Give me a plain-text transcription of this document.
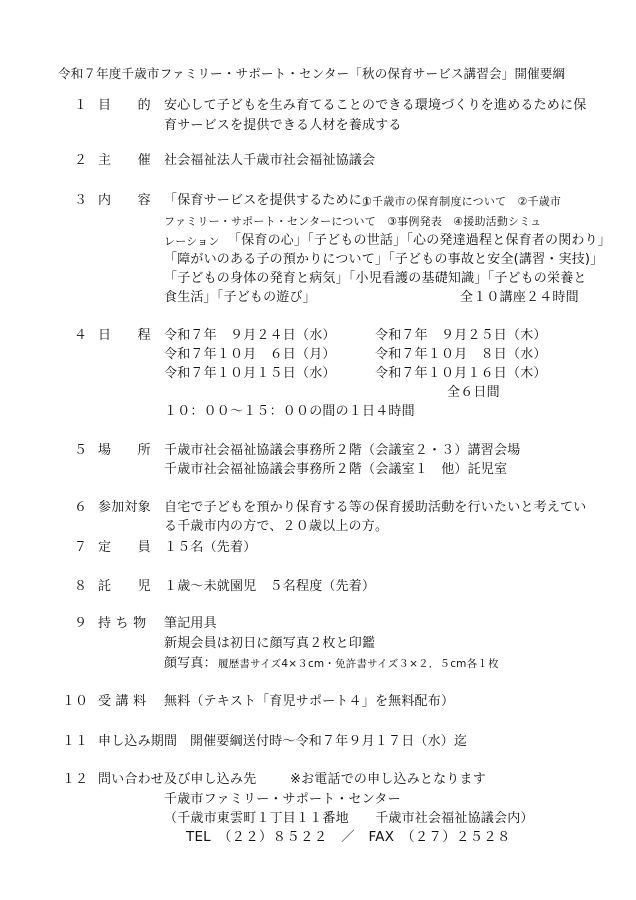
令和７年度千歳市ファミリー・サポート・センター「秋の保育サービス講習会」開催要綱
１ 目　　的 安心して子どもを生み育てることのできる環境づくりを進めるために保
育サービスを提供できる人材を養成する
２ 主　　催 社会福祉法人千歳市社会福祉協議会
３ 内　　容 「保育サービスを提供するために」
①千歳市の保育制度について　②千歳市
ファミリー・サポート・センターについて　③事例発表　④援助活動シミュ
レーション 「保育の心」「子どもの世話」「心の発達過程と保育者の関わり」
「障がいのある子の預かりについて」「子どもの事故と安全(講習・実技)」
「子どもの身体の発育と病気」「小児看護の基礎知識」「子どもの栄養と
食生活」「子どもの遊び」	全１０講座２４時間
４ 日　　程 令和７年　９月２４日（水）	令和７年　９月２５日（木）
令和７年１０月　６日（月）	令和７年１０月　８日（水）
令和７年１０月１５日（水）	令和７年１０月１６日（木）
全６日間
１０：００～１５：００の間の１日４時間
５ 場　　所 千歳市社会福祉協議会事務所２階（会議室２・３）講習会場
千歳市社会福祉協議会事務所２階（会議室１　他）託児室
６ 参加対象 自宅で子どもを預かり保育する等の保育援助活動を行いたいと考えてい
る千歳市内の方で、２０歳以上の方。
７ 定　　員 １５名（先着）
８ 託　　児 １歳～未就園児　５名程度（先着）
９ 持 ち 物 筆記用具
新規会員は初日に顔写真２枚と印鑑
顔写真： 履歴書サイズ4×３cm・免許書サイズ３×２．５cm各１枚
１０ 受 講 料 無料（テキスト「育児サポート４」を無料配布）
１１ 申し込み期間 開催要綱送付時～令和７年９月１７日（水）迄
１２ 問い合わせ及び申し込み先	※お電話での申し込みとなります
千歳市ファミリー・サポート・センター
（千歳市東雲町１丁目１１番地　　千歳市社会福祉協議会内）
TEL　（２２）８５２２　／　FAX　（２７）２５２８
